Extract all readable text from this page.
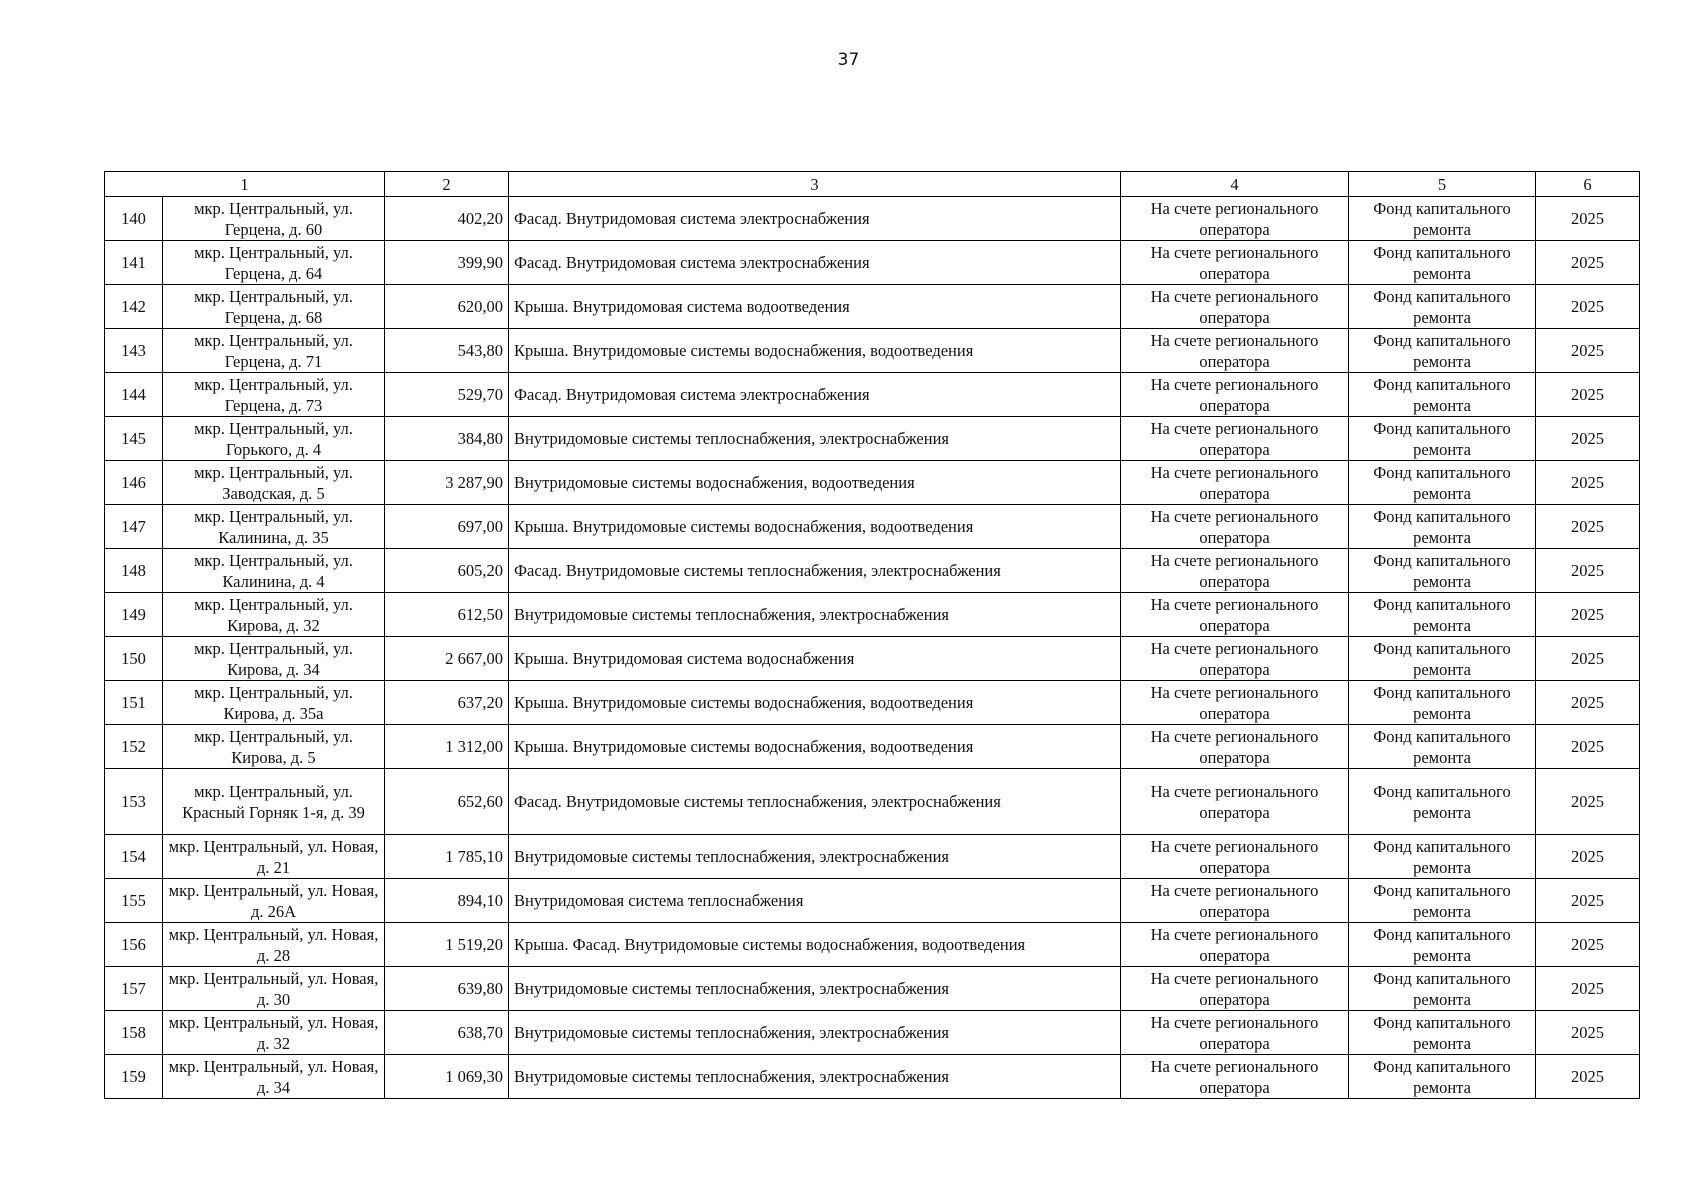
37
1		2	3	4	5	6
140	мкр. Центральный, ул. Герцена, д. 60	402,20	Фасад. Внутридомовая система электроснабжения	На счете регионального оператора	Фонд капитального ремонта	2025
141	мкр. Центральный, ул. Герцена, д. 64	399,90	Фасад. Внутридомовая система электроснабжения	На счете регионального оператора	Фонд капитального ремонта	2025
142	мкр. Центральный, ул. Герцена, д. 68	620,00	Крыша. Внутридомовая система водоотведения	На счете регионального оператора	Фонд капитального ремонта	2025
143	мкр. Центральный, ул. Герцена, д. 71	543,80	Крыша. Внутридомовые системы водоснабжения, водоотведения	На счете регионального оператора	Фонд капитального ремонта	2025
144	мкр. Центральный, ул. Герцена, д. 73	529,70	Фасад. Внутридомовая система электроснабжения	На счете регионального оператора	Фонд капитального ремонта	2025
145	мкр. Центральный, ул. Горького, д. 4	384,80	Внутридомовые системы теплоснабжения, электроснабжения	На счете регионального оператора	Фонд капитального ремонта	2025
146	мкр. Центральный, ул. Заводская, д. 5	3 287,90	Внутридомовые системы водоснабжения, водоотведения	На счете регионального оператора	Фонд капитального ремонта	2025
147	мкр. Центральный, ул. Калинина, д. 35	697,00	Крыша. Внутридомовые системы водоснабжения, водоотведения	На счете регионального оператора	Фонд капитального ремонта	2025
148	мкр. Центральный, ул. Калинина, д. 4	605,20	Фасад. Внутридомовые системы теплоснабжения, электроснабжения	На счете регионального оператора	Фонд капитального ремонта	2025
149	мкр. Центральный, ул. Кирова, д. 32	612,50	Внутридомовые системы теплоснабжения, электроснабжения	На счете регионального оператора	Фонд капитального ремонта	2025
150	мкр. Центральный, ул. Кирова, д. 34	2 667,00	Крыша. Внутридомовая система водоснабжения	На счете регионального оператора	Фонд капитального ремонта	2025
151	мкр. Центральный, ул. Кирова, д. 35а	637,20	Крыша. Внутридомовые системы водоснабжения, водоотведения	На счете регионального оператора	Фонд капитального ремонта	2025
152	мкр. Центральный, ул. Кирова, д. 5	1 312,00	Крыша. Внутридомовые системы водоснабжения, водоотведения	На счете регионального оператора	Фонд капитального ремонта	2025
153	мкр. Центральный, ул. Красный Горняк 1-я, д. 39	652,60	Фасад. Внутридомовые системы теплоснабжения, электроснабжения	На счете регионального оператора	Фонд капитального ремонта	2025
154	мкр. Центральный, ул. Новая, д. 21	1 785,10	Внутридомовые системы теплоснабжения, электроснабжения	На счете регионального оператора	Фонд капитального ремонта	2025
155	мкр. Центральный, ул. Новая, д. 26А	894,10	Внутридомовая система теплоснабжения	На счете регионального оператора	Фонд капитального ремонта	2025
156	мкр. Центральный, ул. Новая, д. 28	1 519,20	Крыша. Фасад. Внутридомовые системы водоснабжения, водоотведения	На счете регионального оператора	Фонд капитального ремонта	2025
157	мкр. Центральный, ул. Новая, д. 30	639,80	Внутридомовые системы теплоснабжения, электроснабжения	На счете регионального оператора	Фонд капитального ремонта	2025
158	мкр. Центральный, ул. Новая, д. 32	638,70	Внутридомовые системы теплоснабжения, электроснабжения	На счете регионального оператора	Фонд капитального ремонта	2025
159	мкр. Центральный, ул. Новая, д. 34	1 069,30	Внутридомовые системы теплоснабжения, электроснабжения	На счете регионального оператора	Фонд капитального ремонта	2025
